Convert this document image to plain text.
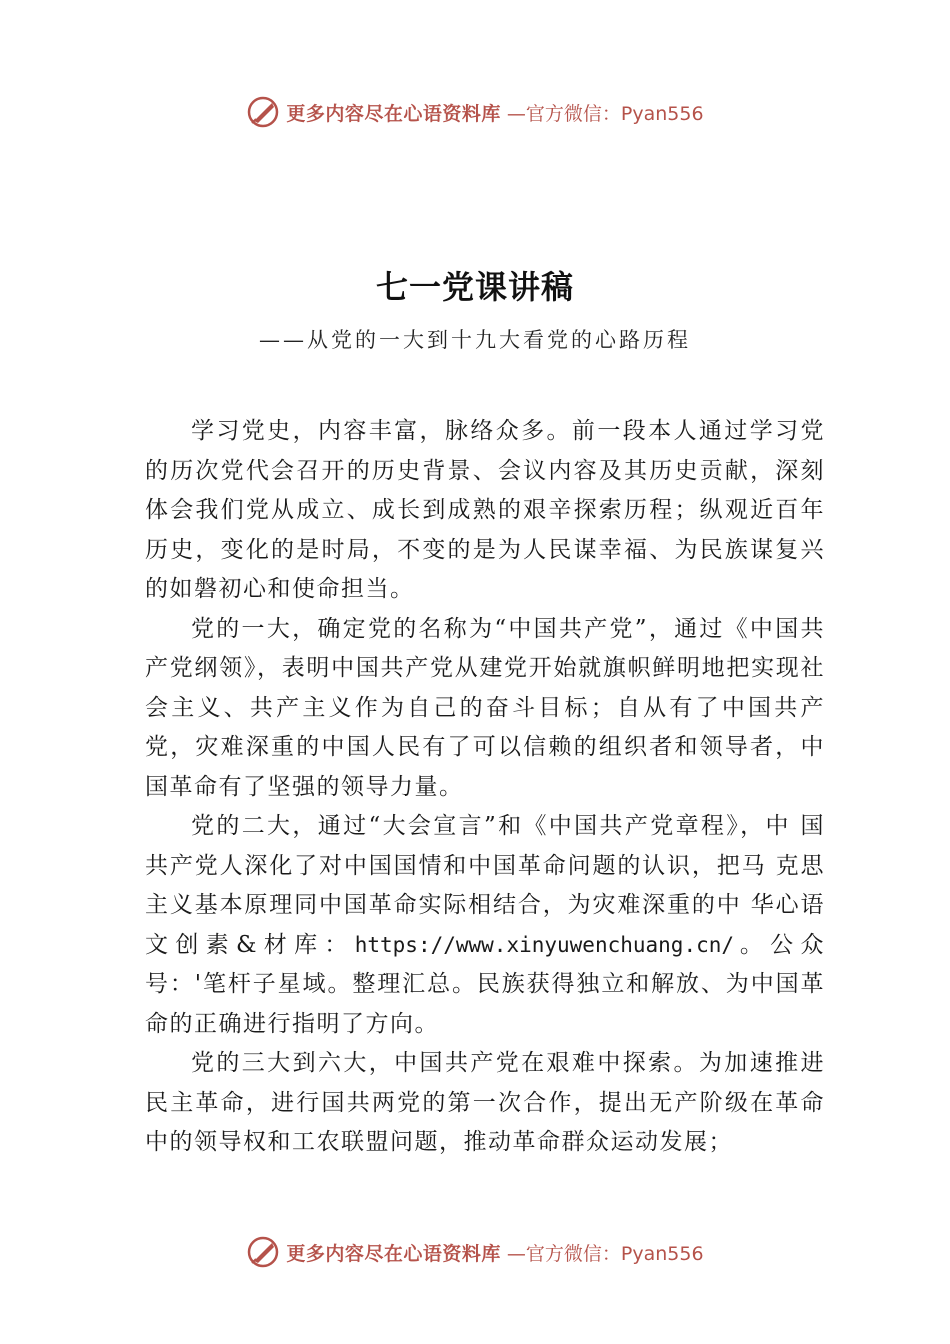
更多内容尽在心语资料库 —官方微信：Pyan556
七一党课讲稿
——从党的一大到十九大看党的心路历程

学习党史，内容丰富，脉络众多。前一段本人通过学习党的历次党代会召开的历史背景、会议内容及其历史贡献，深刻体会我们党从成立、成长到成熟的艰辛探索历程；纵观近百年历史，变化的是时局，不变的是为人民谋幸福、为民族谋复兴的如磐初心和使命担当。

党的一大，确定党的名称为“中国共产党”，通过《中国共产党纲领》，表明中国共产党从建党开始就旗帜鲜明地把实现社会主义、共产主义作为自己的奋斗目标；自从有了中国共产党，灾难深重的中国人民有了可以信赖的组织者和领导者，中国革命有了坚强的领导力量。

党的二大，通过“大会宣言”和《中国共产党章程》，中 国共产党人深化了对中国国情和中国革命问题的认识，把马 克思主义基本原理同中国革命实际相结合，为灾难深重的中 华心语文创素&材库：https://www.xinyuwenchuang.cn/。公众号：'笔杆子星域。整理汇总。民族获得独立和解放、为中国革命的正确进行指明了方向。

党的三大到六大，中国共产党在艰难中探索。为加速推进民主革命，进行国共两党的第一次合作，提出无产阶级在革命中的领导权和工农联盟问题，推动革命群众运动发展；

更多内容尽在心语资料库 —官方微信：Pyan556
